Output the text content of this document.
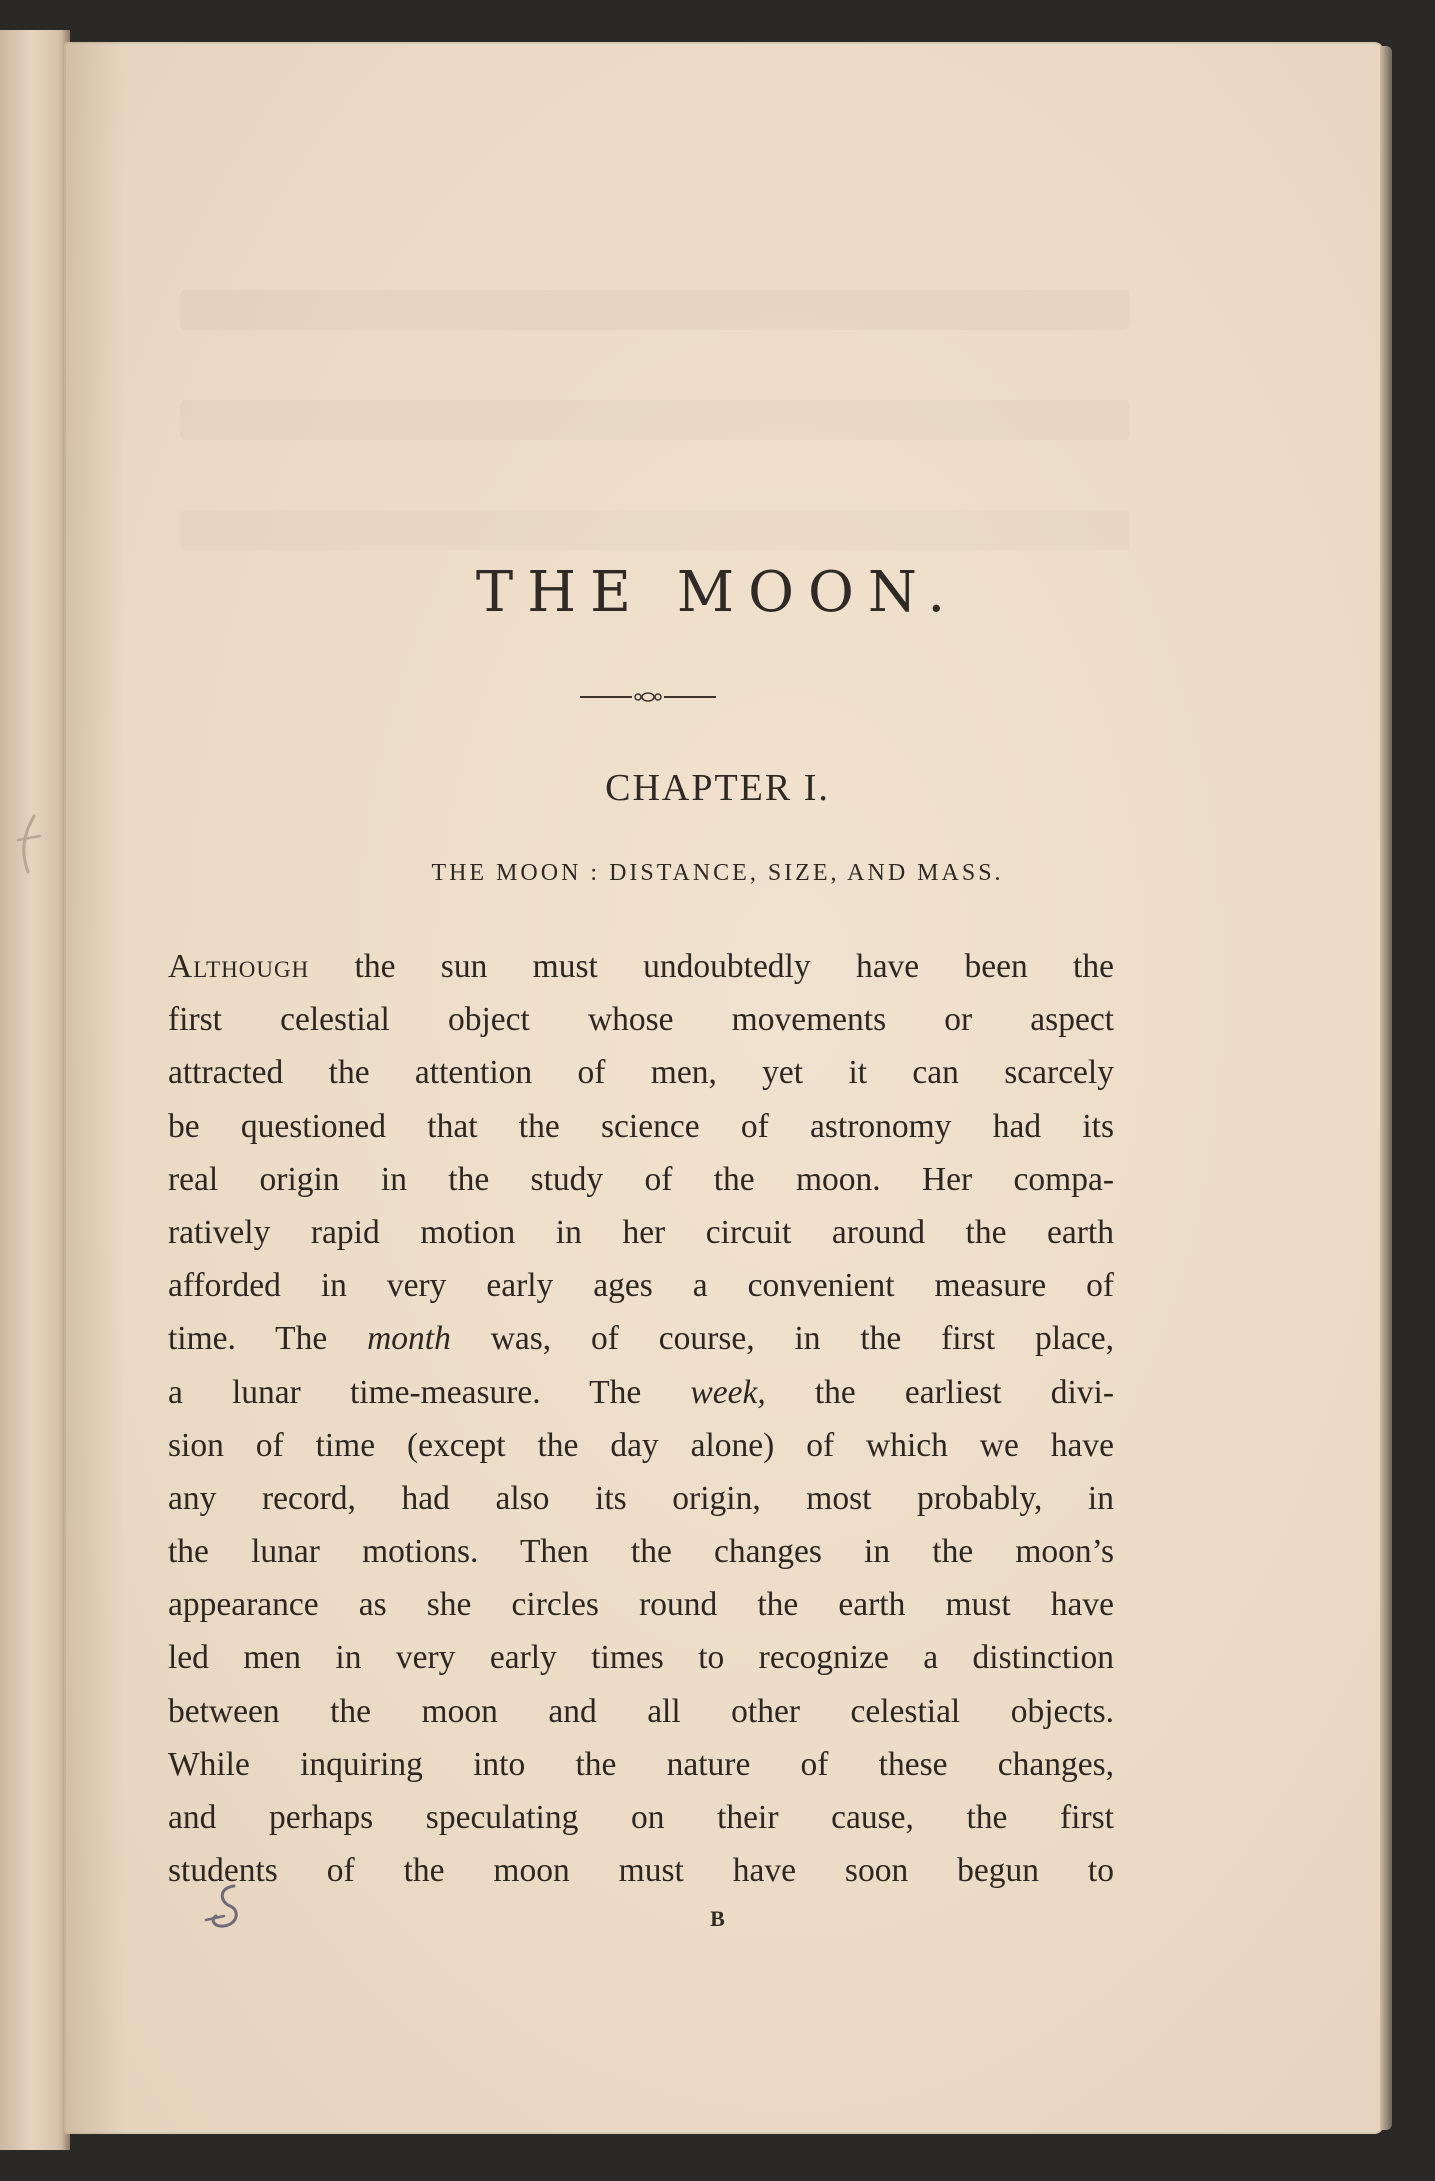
THE MOON.
CHAPTER I.
THE MOON : DISTANCE, SIZE, AND MASS.
Although the sun must undoubtedly have been the
first celestial object whose movements or aspect
attracted the attention of men, yet it can scarcely
be questioned that the science of astronomy had its
real origin in the study of the moon. Her compa-
ratively rapid motion in her circuit around the earth
afforded in very early ages a convenient measure of
time. The month was, of course, in the first place,
a lunar time-measure. The week, the earliest divi-
sion of time (except the day alone) of which we have
any record, had also its origin, most probably, in
the lunar motions. Then the changes in the moon’s
appearance as she circles round the earth must have
led men in very early times to recognize a distinction
between the moon and all other celestial objects.
While inquiring into the nature of these changes,
and perhaps speculating on their cause, the first
students of the moon must have soon begun to
B
